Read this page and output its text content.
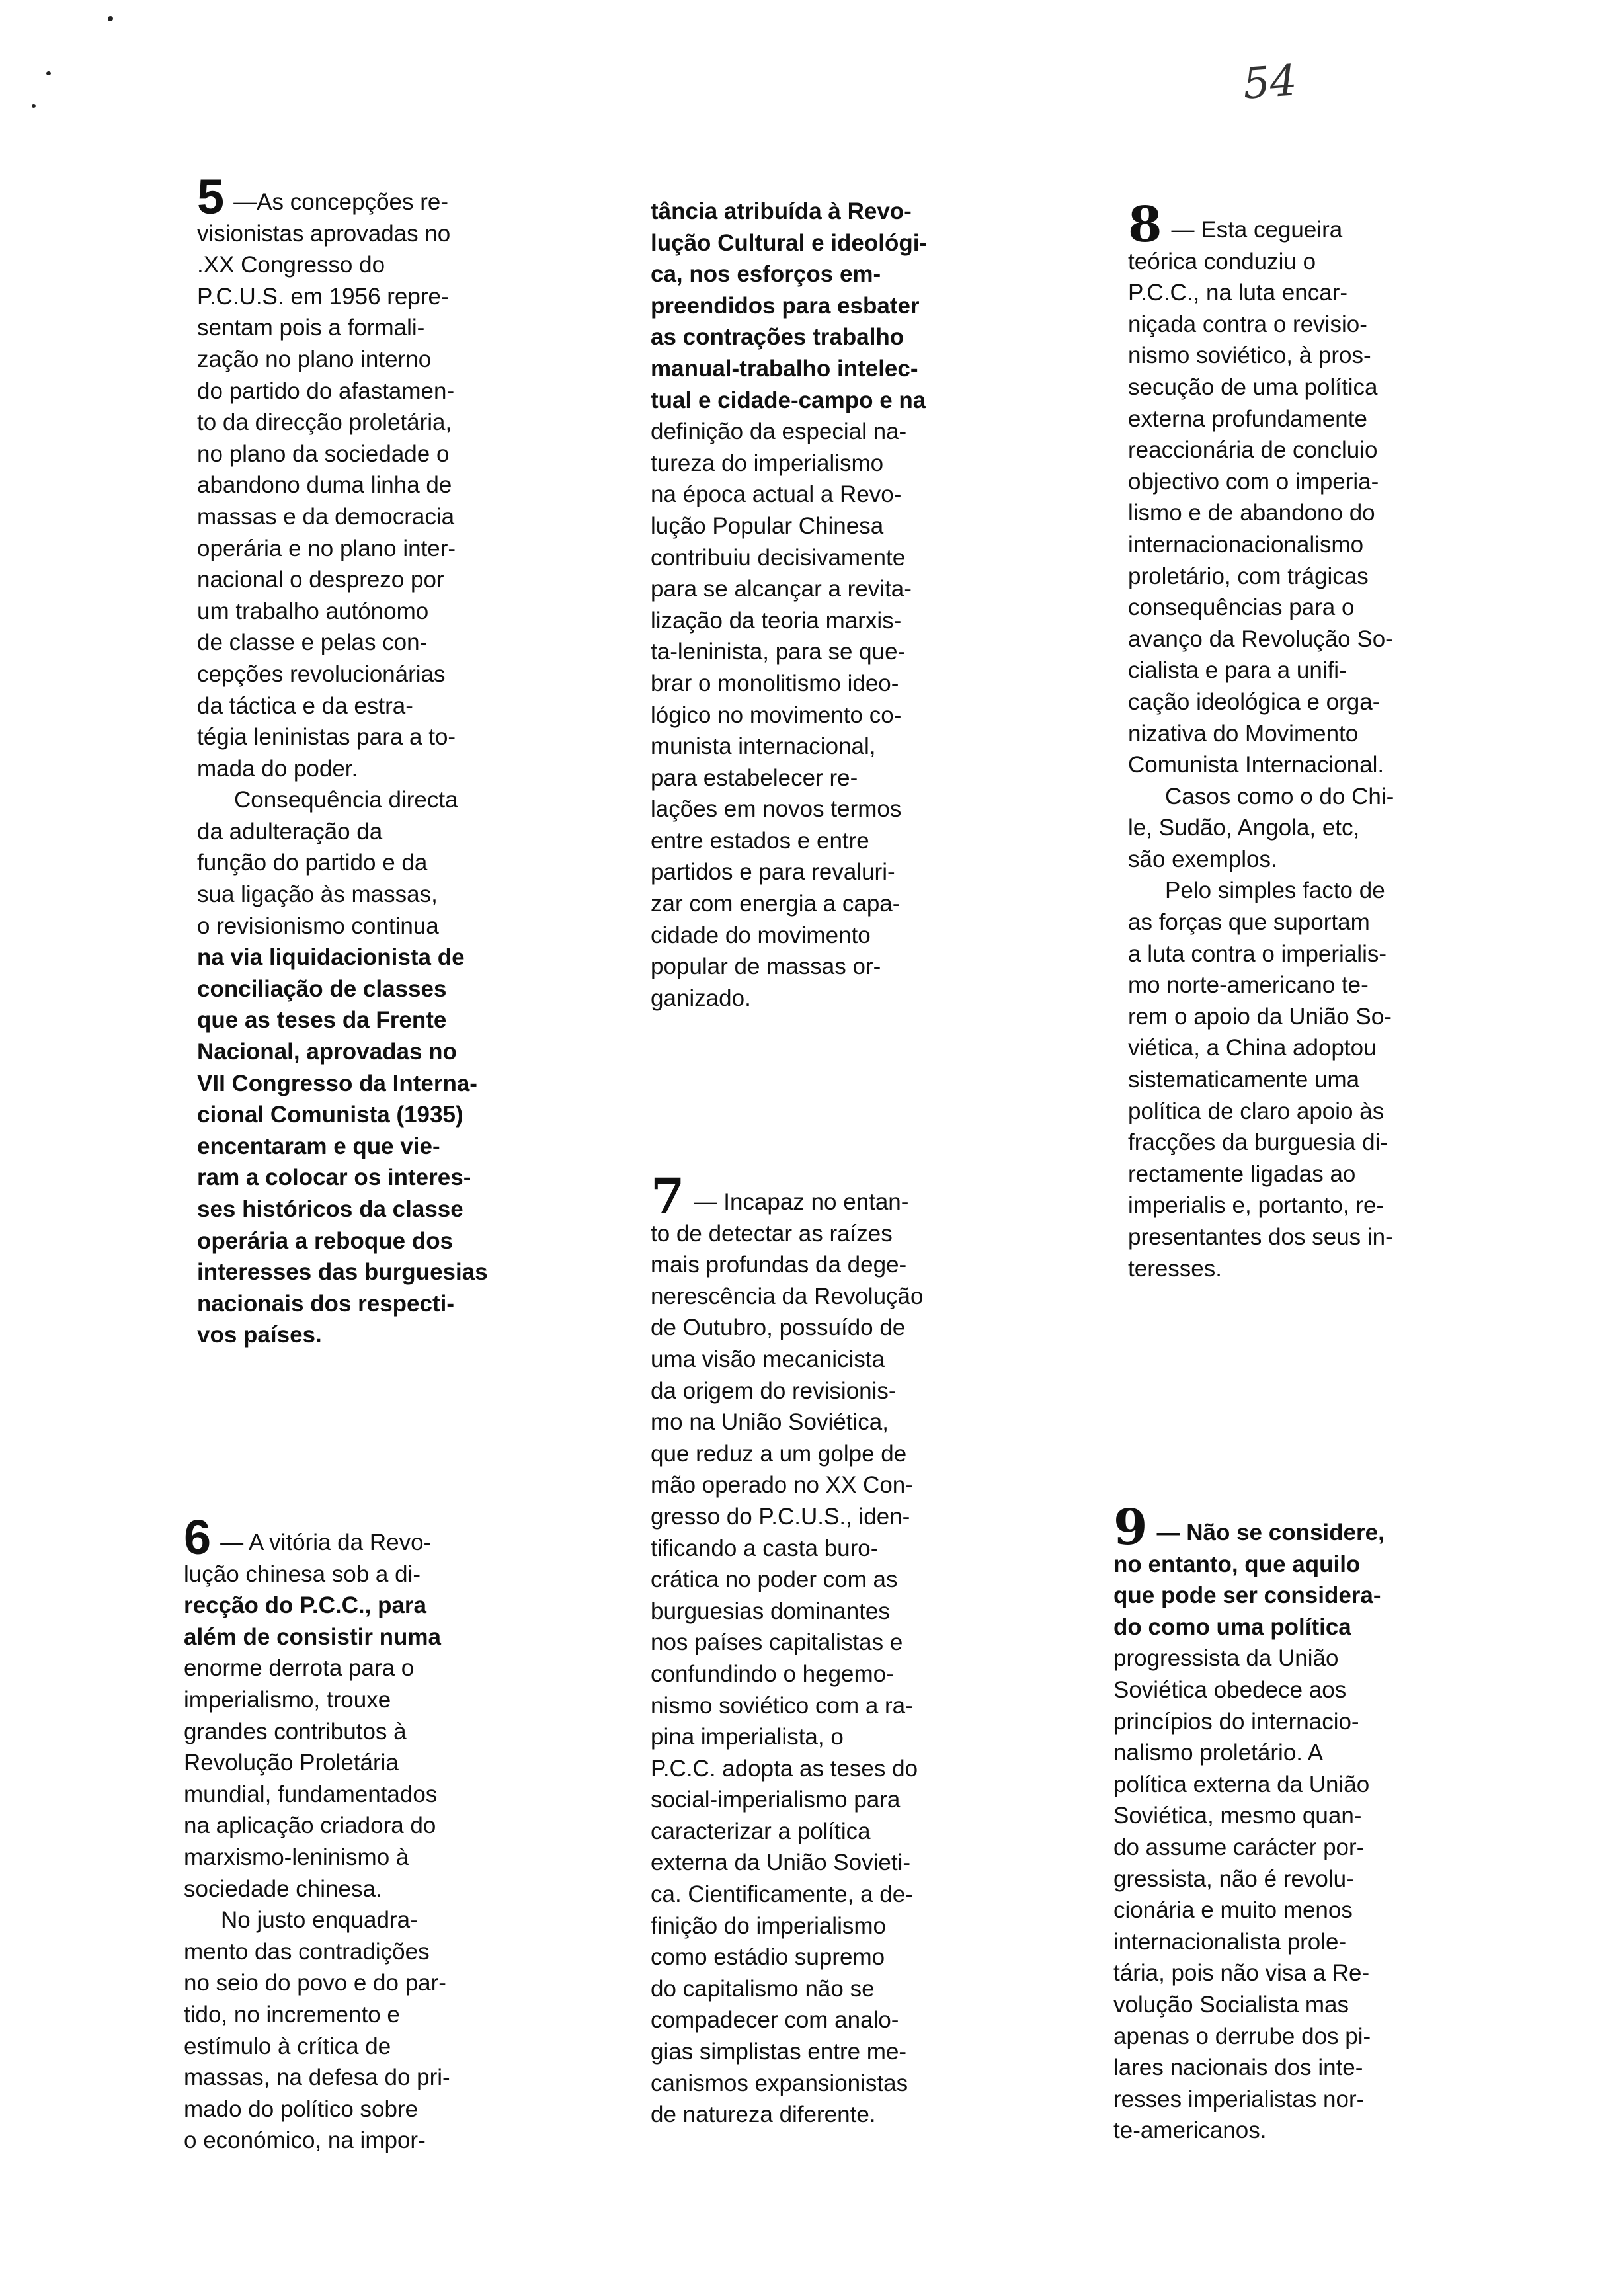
54

5 —As concepções re-

visionistas aprovadas no

.XX Congresso do

P.C.U.S. em 1956 repre-

sentam pois a formali-

zação no plano interno

do partido do afastamen-

to da direcção proletária,

no plano da sociedade o

abandono duma linha de

massas e da democracia

operária e no plano inter-

nacional o desprezo por

um trabalho autónomo

de classe e pelas con-

cepções revolucionárias

da táctica e da estra-

tégia leninistas para a to-

mada do poder.

Consequência directa

da adulteração da

função do partido e da

sua ligação às massas,

o revisionismo continua

na via liquidacionista de

conciliação de classes

que as teses da Frente

Nacional, aprovadas no

VII Congresso da Interna-

cional Comunista (1935)

encentaram e que vie-

ram a colocar os interes-

ses históricos da classe

operária a reboque dos

interesses das burguesias

nacionais dos respecti-

vos países.

6 — A vitória da Revo-

lução chinesa sob a di-

recção do P.C.C., para

além de consistir numa

enorme derrota para o

imperialismo, trouxe

grandes contributos à

Revolução Proletária

mundial, fundamentados

na aplicação criadora do

marxismo-leninismo à

sociedade chinesa.

No justo enquadra-

mento das contradições

no seio do povo e do par-

tido, no incremento e

estímulo à crítica de

massas, na defesa do pri-

mado do político sobre

o económico, na impor-

tância atribuída à Revo-

lução Cultural e ideológi-

ca, nos esforços em-

preendidos para esbater

as contrações trabalho

manual-trabalho intelec-

tual e cidade-campo e na

definição da especial na-

tureza do imperialismo

na época actual a Revo-

lução Popular Chinesa

contribuiu decisivamente

para se alcançar a revita-

lização da teoria marxis-

ta-leninista, para se que-

brar o monolitismo ideo-

lógico no movimento co-

munista internacional,

para estabelecer re-

lações em novos termos

entre estados e entre

partidos e para revaluri-

zar com energia a capa-

cidade do movimento

popular de massas or-

ganizado.

7 — Incapaz no entan-

to de detectar as raízes

mais profundas da dege-

nerescência da Revolução

de Outubro, possuído de

uma visão mecanicista

da origem do revisionis-

mo na União Soviética,

que reduz a um golpe de

mão operado no XX Con-

gresso do P.C.U.S., iden-

tificando a casta buro-

crática no poder com as

burguesias dominantes

nos países capitalistas e

confundindo o hegemo-

nismo soviético com a ra-

pina imperialista, o

P.C.C. adopta as teses do

social-imperialismo para

caracterizar a política

externa da União Sovieti-

ca. Cientificamente, a de-

finição do imperialismo

como estádio supremo

do capitalismo não se

compadecer com analo-

gias simplistas entre me-

canismos expansionistas

de natureza diferente.

8 — Esta cegueira

teórica conduziu o

P.C.C., na luta encar-

niçada contra o revisio-

nismo soviético, à pros-

secução de uma política

externa profundamente

reaccionária de concluio

objectivo com o imperia-

lismo e de abandono do

internacionacionalismo

proletário, com trágicas

consequências para o

avanço da Revolução So-

cialista e para a unifi-

cação ideológica e orga-

nizativa do Movimento

Comunista Internacional.

Casos como o do Chi-

le, Sudão, Angola, etc,

são exemplos.

Pelo simples facto de

as forças que suportam

a luta contra o imperialis-

mo norte-americano te-

rem o apoio da União So-

viética, a China adoptou

sistematicamente uma

política de claro apoio às

fracções da burguesia di-

rectamente ligadas ao

imperialis e, portanto, re-

presentantes dos seus in-

teresses.

9 — Não se considere,

no entanto, que aquilo

que pode ser considera-

do como uma política

progressista da União

Soviética obedece aos

princípios do internacio-

nalismo proletário. A

política externa da União

Soviética, mesmo quan-

do assume carácter por-

gressista, não é revolu-

cionária e muito menos

internacionalista prole-

tária, pois não visa a Re-

volução Socialista mas

apenas o derrube dos pi-

lares nacionais dos inte-

resses imperialistas nor-

te-americanos.
